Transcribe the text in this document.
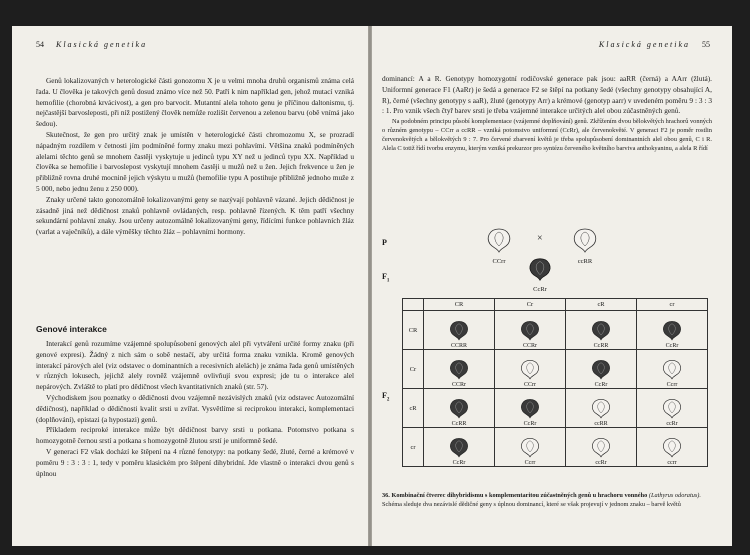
54 Klasická genetika

Genů lokalizovaných v heterologické části gonozomu X je u velmi mnoha druhů organismů známa celá řada. U člověka je takových genů dosud známo více než 50. Patří k nim například gen, jehož mutací vzniká hemofilie (chorobná krvácivost), a gen pro barvocit. Mutantní alela tohoto genu je příčinou daltonismu, tj. nejčastější barvosleposti, při níž postižený člověk nemůže rozlišit červenou a zelenou barvu (obě vnímá jako šedou).

Skutečnost, že gen pro určitý znak je umístěn v heterologické části chromozomu X, se prozradí nápadným rozdílem v četnosti jím podmíněné formy znaku mezi pohlavími. Většina znaků podmíněných alelami těchto genů se mnohem častěji vyskytuje u jedinců typu XY než u jedinců typu XX. Například u člověka se hemofilie i barvoslepost vyskytují mnohem častěji u mužů než u žen. Jejich frekvence u žen je přibližně rovna druhé mocnině jejich výskytu u mužů (hemofilie typu A postihuje přibližně jednoho muže z 5 000, nebo jednu ženu z 250 000).

Znaky určené takto gonozomálně lokalizovanými geny se nazývají pohlavně vázané. Jejich dědičnost je zásadně jiná než dědičnost znaků pohlavně ovládaných, resp. pohlavně řízených. K těm patří všechny sekundární pohlavní znaky. Jsou určeny autozomálně lokalizovanými geny, řídícími funkce pohlavních žláz (varlat a vaječníků), a dále výměšky těchto žláz – pohlavními hormony.

Genové interakce

Interakcí genů rozumíme vzájemné spolupůsobení genových alel při vytváření určité formy znaku (při genové expresi). Žádný z nich sám o sobě nestačí, aby určitá forma znaku vznikla. Kromě genových interakcí párových alel (viz odstavec o dominantních a recesivních alelách) je známa řada genů umístěných v různých lokusech, jejichž alely rovněž vzájemně ovlivňují svou expresi; jde tu o interakce alel nepárových. Zvláště to platí pro dědičnost všech kvantitativních znaků (str. 57).

Východiskem jsou poznatky o dědičnosti dvou vzájemně nezávislých znaků (viz odstavec Autozomální dědičnost), například o dědičnosti kvalit srsti u zvířat. Vysvětlíme si reciprokou interakci, komplementaci (doplňování), epistazi (a hypostazi) genů.

Příkladem reciproké interakce může být dědičnost barvy srsti u potkana. Potomstvo potkana s homozygotně černou srstí a potkana s homozygotně žlutou srstí je uniformně šedé.

V generaci F2 však dochází ke štěpení na 4 různé fenotypy: na potkany šedé, žluté, černé a krémové v poměru 9 : 3 : 3 : 1, tedy v poměru klasickém pro štěpení dihybridní. Jde vlastně o interakci dvou genů s úplnou

Klasická genetika 55

dominancí: A a R. Genotypy homozygotní rodičovské generace pak jsou: aaRR (černá) a AArr (žlutá). Uniformní generace F1 (AaRr) je šedá a generace F2 se štěpí na potkany šedé (všechny genotypy obsahující A, R), černé (všechny genotypy s aaR), žluté (genotypy Arr) a krémové (genotyp aarr) v uvedeném poměru 9 : 3 : 3 : 1. Pro vznik všech čtyř barev srsti je třeba vzájemné interakce určitých alel obou zúčastněných genů.

Na podobném principu působí komplementace (vzájemné doplňování) genů. Zkřížením dvou bělokvětých hrachorů vonných o různém genotypu – CCrr a ccRR – vzniká potomstvo uniformní (CcRr), ale červenokvěté. V generaci F2 je poměr rostlin červenokvětých a bělokvětých 9 : 7. Pro červené zbarvení květů je třeba spolupůsobení dominantních alel obou genů, C i R. Alela C totiž řídí tvorbu enzymu, kterým vzniká prekurzor pro syntézu červeného květního barviva anthokyaninu, a alela R řídí

P
$F_1$
$F_2$
CCrr
×
ccRR
CcRr
	CR	Cr	cR	cr
CR	CCRR	CCRr	CcRR	CcRr

Cr	CCRr	CCrr	CcRr	Ccrr

cR	CcRR	CcRr	ccRR	ccRr

cr	CcRr	Ccrr	ccRr	ccrr
36. Kombinační čtverec dihybridismu s komplementaritou zúčastněných genů u hrachoru vonného (Lathyrus odoratus). Schéma sleduje dva nezávislé dědičné geny s úplnou dominancí, které se však projevují v jednom znaku – barvě květů
